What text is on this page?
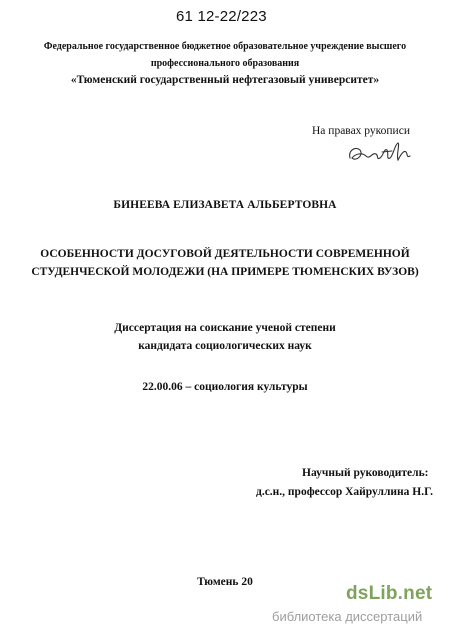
61 12-22/223
Федеральное государственное бюджетное образовательное учреждение высшего
профессионального образования
«Тюменский государственный нефтегазовый университет»
На правах рукописи
БИНЕЕВА ЕЛИЗАВЕТА АЛЬБЕРТОВНА
ОСОБЕННОСТИ ДОСУГОВОЙ ДЕЯТЕЛЬНОСТИ СОВРЕМЕННОЙ
СТУДЕНЧЕСКОЙ МОЛОДЕЖИ (НА ПРИМЕРЕ ТЮМЕНСКИХ ВУЗОВ)
Диссертация на соискание ученой степени
кандидата социологических наук
22.00.06 – социология культуры
Научный руководитель:
д.с.н., профессор Хайруллина Н.Г.
Тюмень 20
dsLib.net
библиотека диссертаций
